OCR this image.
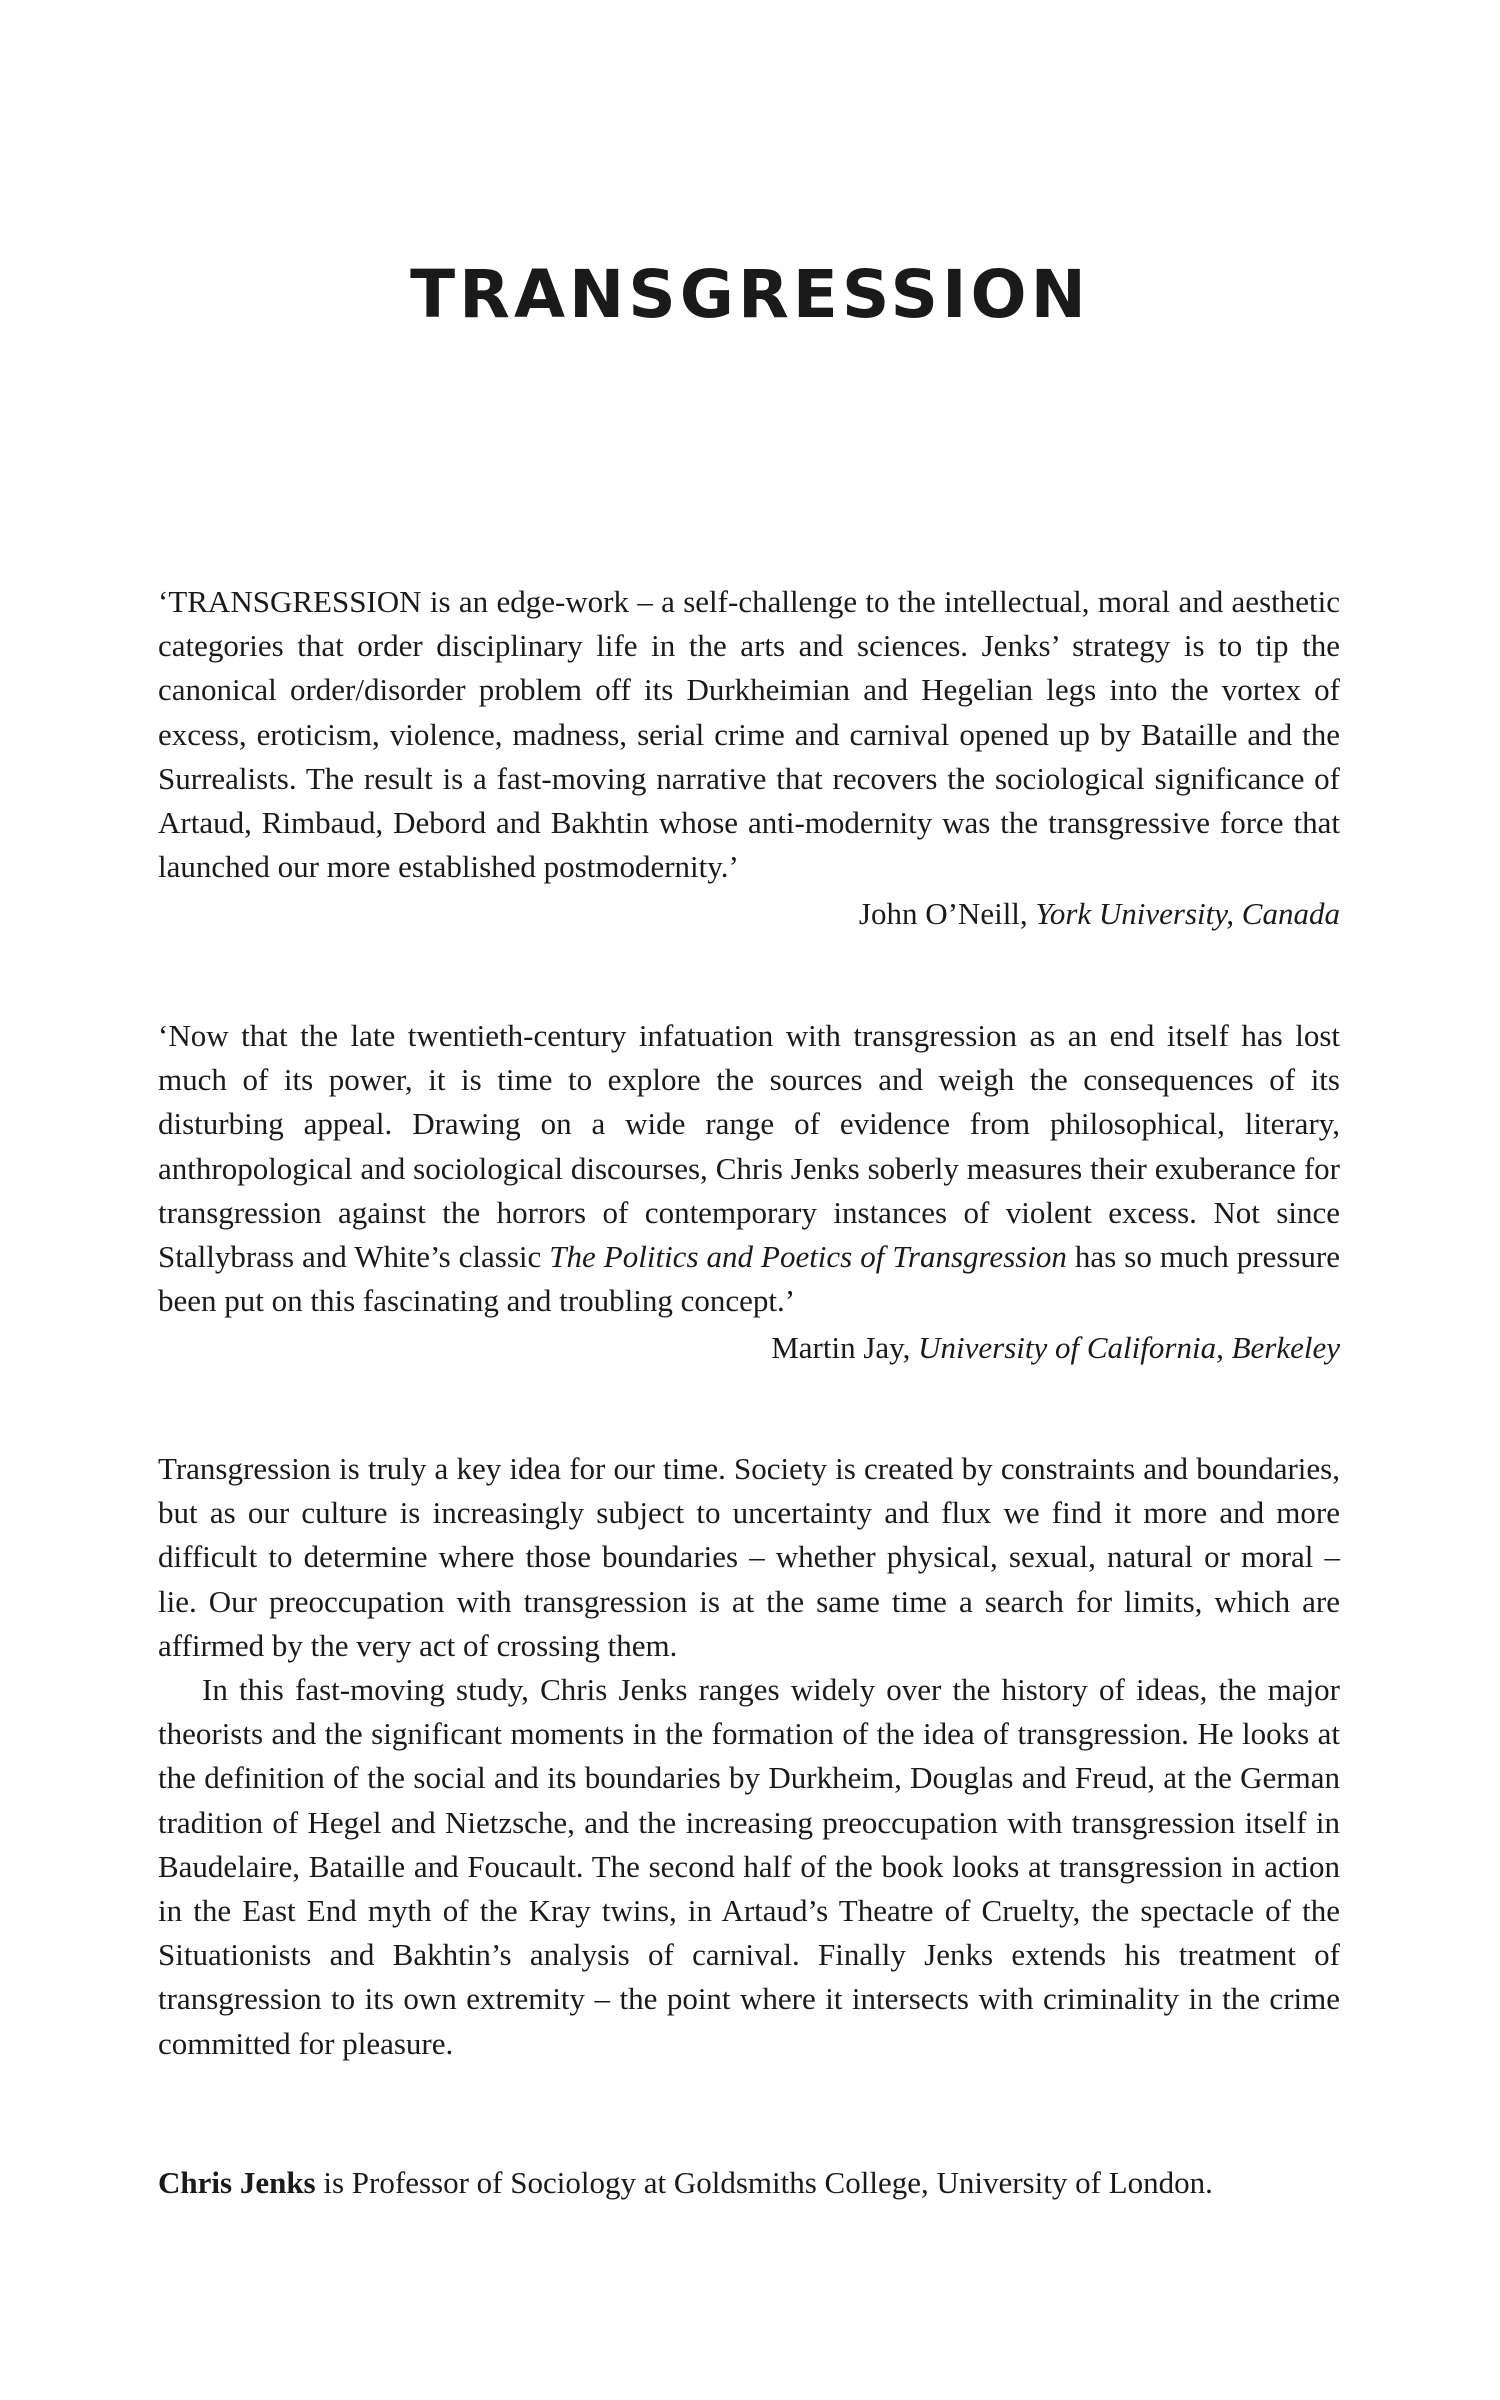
TRANSGRESSION

‘TRANSGRESSION is an edge-work – a self-challenge to the intellectual, moral and aesthetic categories that order disciplinary life in the arts and sciences. Jenks’ strategy is to tip the canonical order/disorder problem off its Durkheimian and Hegelian legs into the vortex of excess, eroticism, violence, madness, serial crime and carnival opened up by Bataille and the Surrealists. The result is a fast-moving narrative that recovers the sociological significance of Artaud, Rimbaud, Debord and Bakhtin whose anti-modernity was the transgressive force that launched our more established postmodernity.’

John O’Neill, York University, Canada

‘Now that the late twentieth-century infatuation with transgression as an end itself has lost much of its power, it is time to explore the sources and weigh the consequences of its disturbing appeal. Drawing on a wide range of evidence from philosophical, literary, anthropological and sociological discourses, Chris Jenks soberly measures their exuberance for transgression against the horrors of contemporary instances of violent excess. Not since Stallybrass and White’s classic The Politics and Poetics of Transgression has so much pressure been put on this fascinating and troubling concept.’

Martin Jay, University of California, Berkeley

Transgression is truly a key idea for our time. Society is created by constraints and boundaries, but as our culture is increasingly subject to uncertainty and flux we find it more and more difficult to determine where those boundaries – whether physical, sexual, natural or moral – lie. Our preoccupation with transgression is at the same time a search for limits, which are affirmed by the very act of crossing them.

In this fast-moving study, Chris Jenks ranges widely over the history of ideas, the major theorists and the significant moments in the formation of the idea of transgression. He looks at the definition of the social and its boundaries by Durkheim, Douglas and Freud, at the German tradition of Hegel and Nietzsche, and the increasing preoccupation with transgression itself in Baudelaire, Bataille and Foucault. The second half of the book looks at transgression in action in the East End myth of the Kray twins, in Artaud’s Theatre of Cruelty, the spectacle of the Situationists and Bakhtin’s analysis of carnival. Finally Jenks extends his treatment of transgression to its own extremity – the point where it intersects with criminality in the crime committed for pleasure.

Chris Jenks is Professor of Sociology at Goldsmiths College, University of London.
